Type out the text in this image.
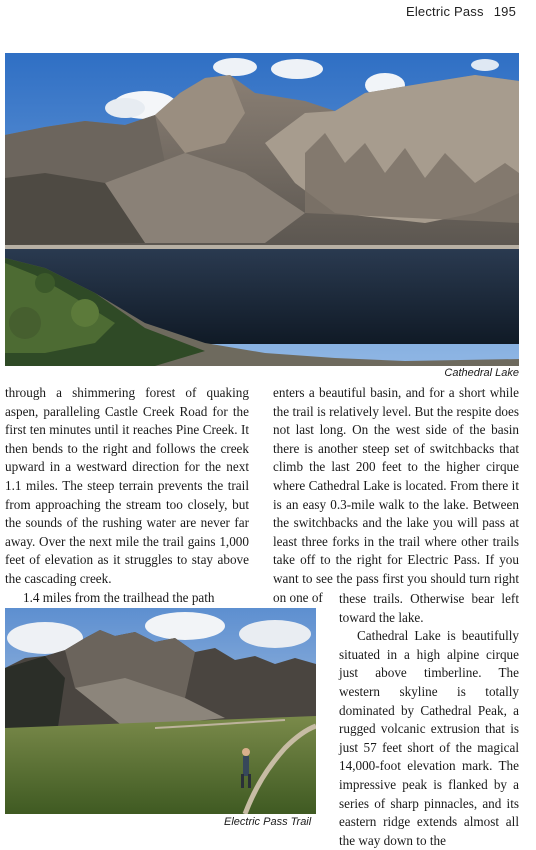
Electric Pass 195
Cathedral Lake

through a shimmering forest of quaking aspen, paralleling Castle Creek Road for the first ten minutes until it reaches Pine Creek. It then bends to the right and follows the creek upward in a westward direction for the next 1.1 miles. The steep terrain prevents the trail from approaching the stream too closely, but the sounds of the rushing water are never far away. Over the next mile the trail gains 1,000 feet of elevation as it struggles to stay above the cascading creek.

1.4 miles from the trailhead the path

enters a beautiful basin, and for a short while the trail is relatively level. But the respite does not last long. On the west side of the basin there is another steep set of switchbacks that climb the last 200 feet to the higher cirque where Cathedral Lake is located. From there it is an easy 0.3-mile walk to the lake. Between the switchbacks and the lake you will pass at least three forks in the trail where other trails take off to the right for Electric Pass. If you want to see the pass first you should turn right on one of	these trails. Otherwise bear left toward the lake.

Cathedral Lake is beautifully situated in a high alpine cirque just above timberline. The western skyline is totally dominated by Cathedral Peak, a rugged volcanic extrusion that is just 57 feet short of the magical 14,000-foot elevation mark. The impressive peak is flanked by a series of sharp pinnacles, and its eastern ridge extends almost all the way down to the

Electric Pass Trail
